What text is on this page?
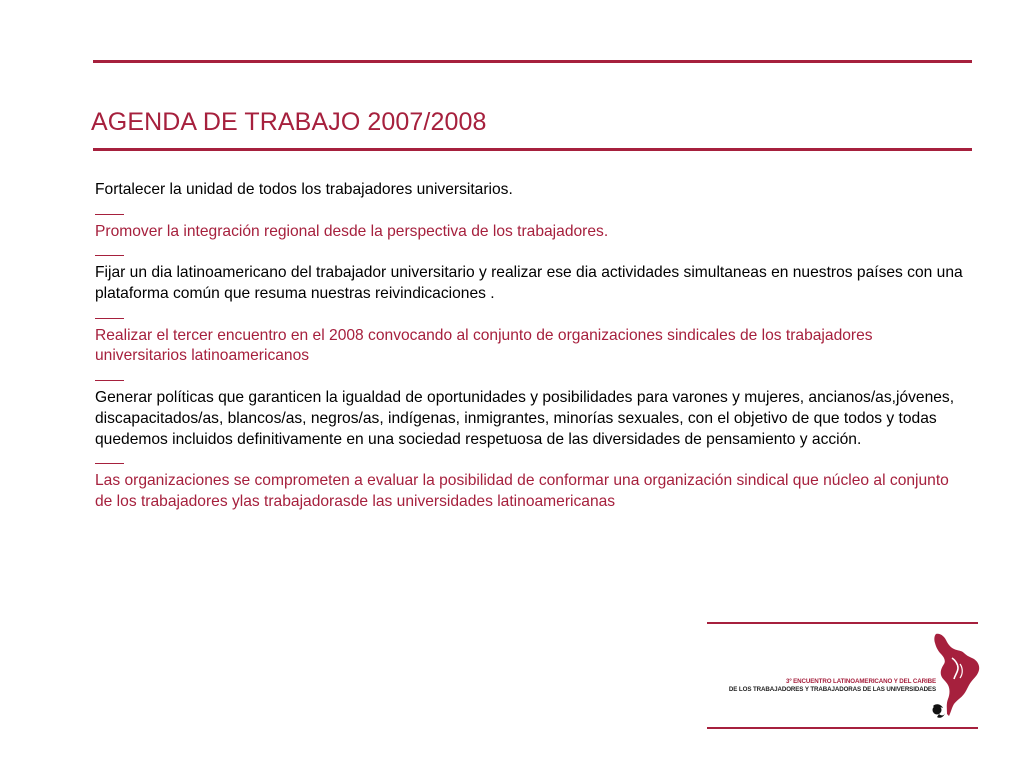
AGENDA DE TRABAJO 2007/2008
Fortalecer la unidad de todos los trabajadores universitarios.
Promover la integración regional desde la perspectiva de los trabajadores.
Fijar un dia latinoamericano del trabajador universitario y realizar ese dia actividades simultaneas en nuestros países con una plataforma común que resuma nuestras reivindicaciones .
Realizar el tercer encuentro en el 2008 convocando al conjunto de organizaciones sindicales de los trabajadores universitarios latinoamericanos
Generar políticas que garanticen la igualdad de oportunidades y posibilidades para varones y mujeres, ancianos/as,jóvenes, discapacitados/as, blancos/as, negros/as, indígenas, inmigrantes, minorías sexuales, con el objetivo de que todos y todas quedemos incluidos definitivamente en una sociedad respetuosa de las diversidades de pensamiento y acción.
Las organizaciones se comprometen a evaluar la posibilidad de conformar una organización sindical que núcleo al conjunto de los trabajadores ylas trabajadorasde las universidades latinoamericanas
3º ENCUENTRO LATINOAMERICANO Y DEL CARIBE
DE LOS TRABAJADORES Y TRABAJADORAS DE LAS UNIVERSIDADES
